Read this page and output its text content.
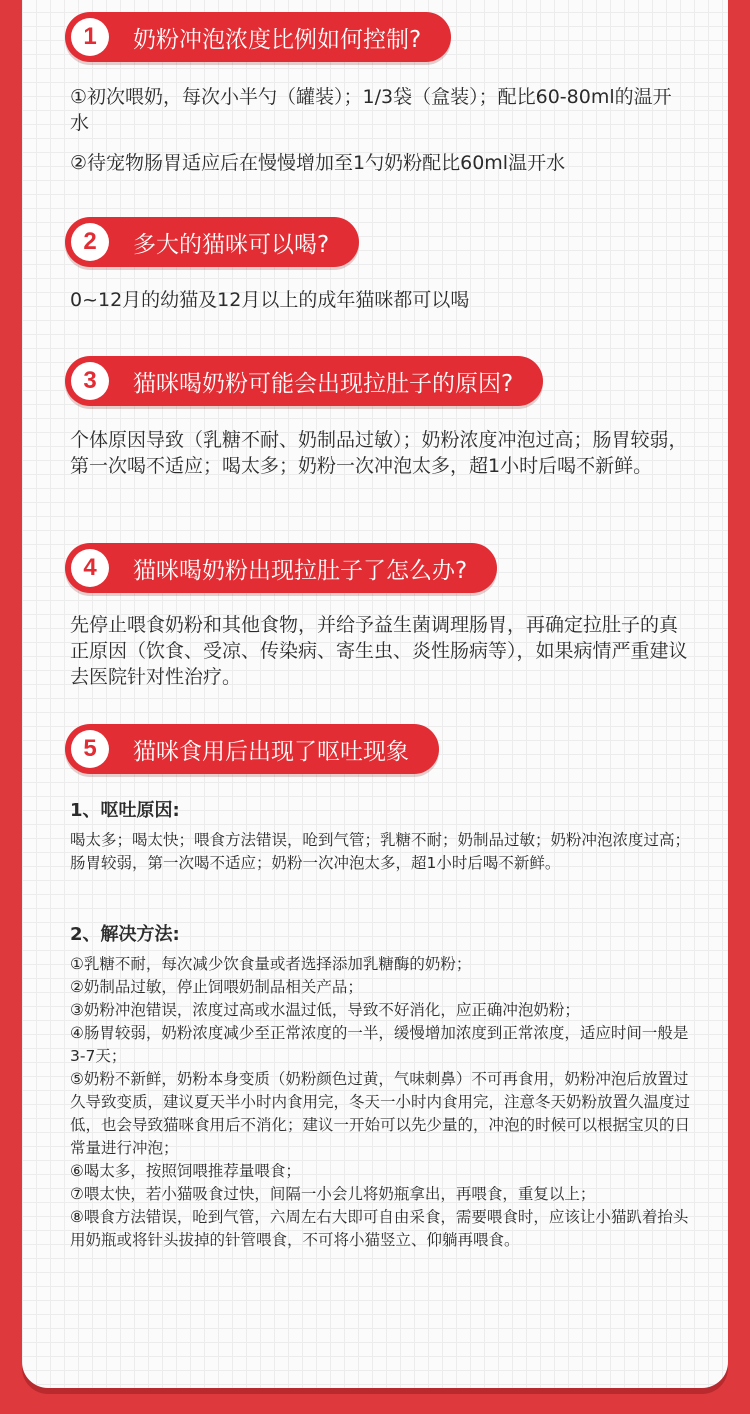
1	奶粉冲泡浓度比例如何控制?

①初次喂奶，每次小半勺（罐装）；1/3袋（盒装）；配比60-80ml的温开水

②待宠物肠胃适应后在慢慢增加至1勺奶粉配比60ml温开水

2	多大的猫咪可以喝?

0~12月的幼猫及12月以上的成年猫咪都可以喝

3	猫咪喝奶粉可能会出现拉肚子的原因?

个体原因导致（乳糖不耐、奶制品过敏）；奶粉浓度冲泡过高；肠胃较弱，第一次喝不适应；喝太多；奶粉一次冲泡太多，超1小时后喝不新鲜。

4	猫咪喝奶粉出现拉肚子了怎么办?

先停止喂食奶粉和其他食物，并给予益生菌调理肠胃，再确定拉肚子的真正原因（饮食、受凉、传染病、寄生虫、炎性肠病等），如果病情严重建议去医院针对性治疗。

5	猫咪食用后出现了呕吐现象

1、呕吐原因:

喝太多；喝太快；喂食方法错误，呛到气管；乳糖不耐；奶制品过敏；奶粉冲泡浓度过高；肠胃较弱，第一次喝不适应；奶粉一次冲泡太多，超1小时后喝不新鲜。

2、解决方法:

①乳糖不耐，每次减少饮食量或者选择添加乳糖酶的奶粉；
②奶制品过敏，停止饲喂奶制品相关产品；
③奶粉冲泡错误，浓度过高或水温过低，导致不好消化，应正确冲泡奶粉；
④肠胃较弱，奶粉浓度减少至正常浓度的一半，缓慢增加浓度到正常浓度，适应时间一般是3-7天；
⑤奶粉不新鲜，奶粉本身变质（奶粉颜色过黄，气味刺鼻）不可再食用，奶粉冲泡后放置过久导致变质，建议夏天半小时内食用完，冬天一小时内食用完，注意冬天奶粉放置久温度过低，也会导致猫咪食用后不消化；建议一开始可以先少量的，冲泡的时候可以根据宝贝的日常量进行冲泡；
⑥喝太多，按照饲喂推荐量喂食；
⑦喂太快，若小猫吸食过快，间隔一小会儿将奶瓶拿出，再喂食，重复以上；
⑧喂食方法错误，呛到气管，六周左右大即可自由采食，需要喂食时，应该让小猫趴着抬头用奶瓶或将针头拔掉的针管喂食，不可将小猫竖立、仰躺再喂食。
